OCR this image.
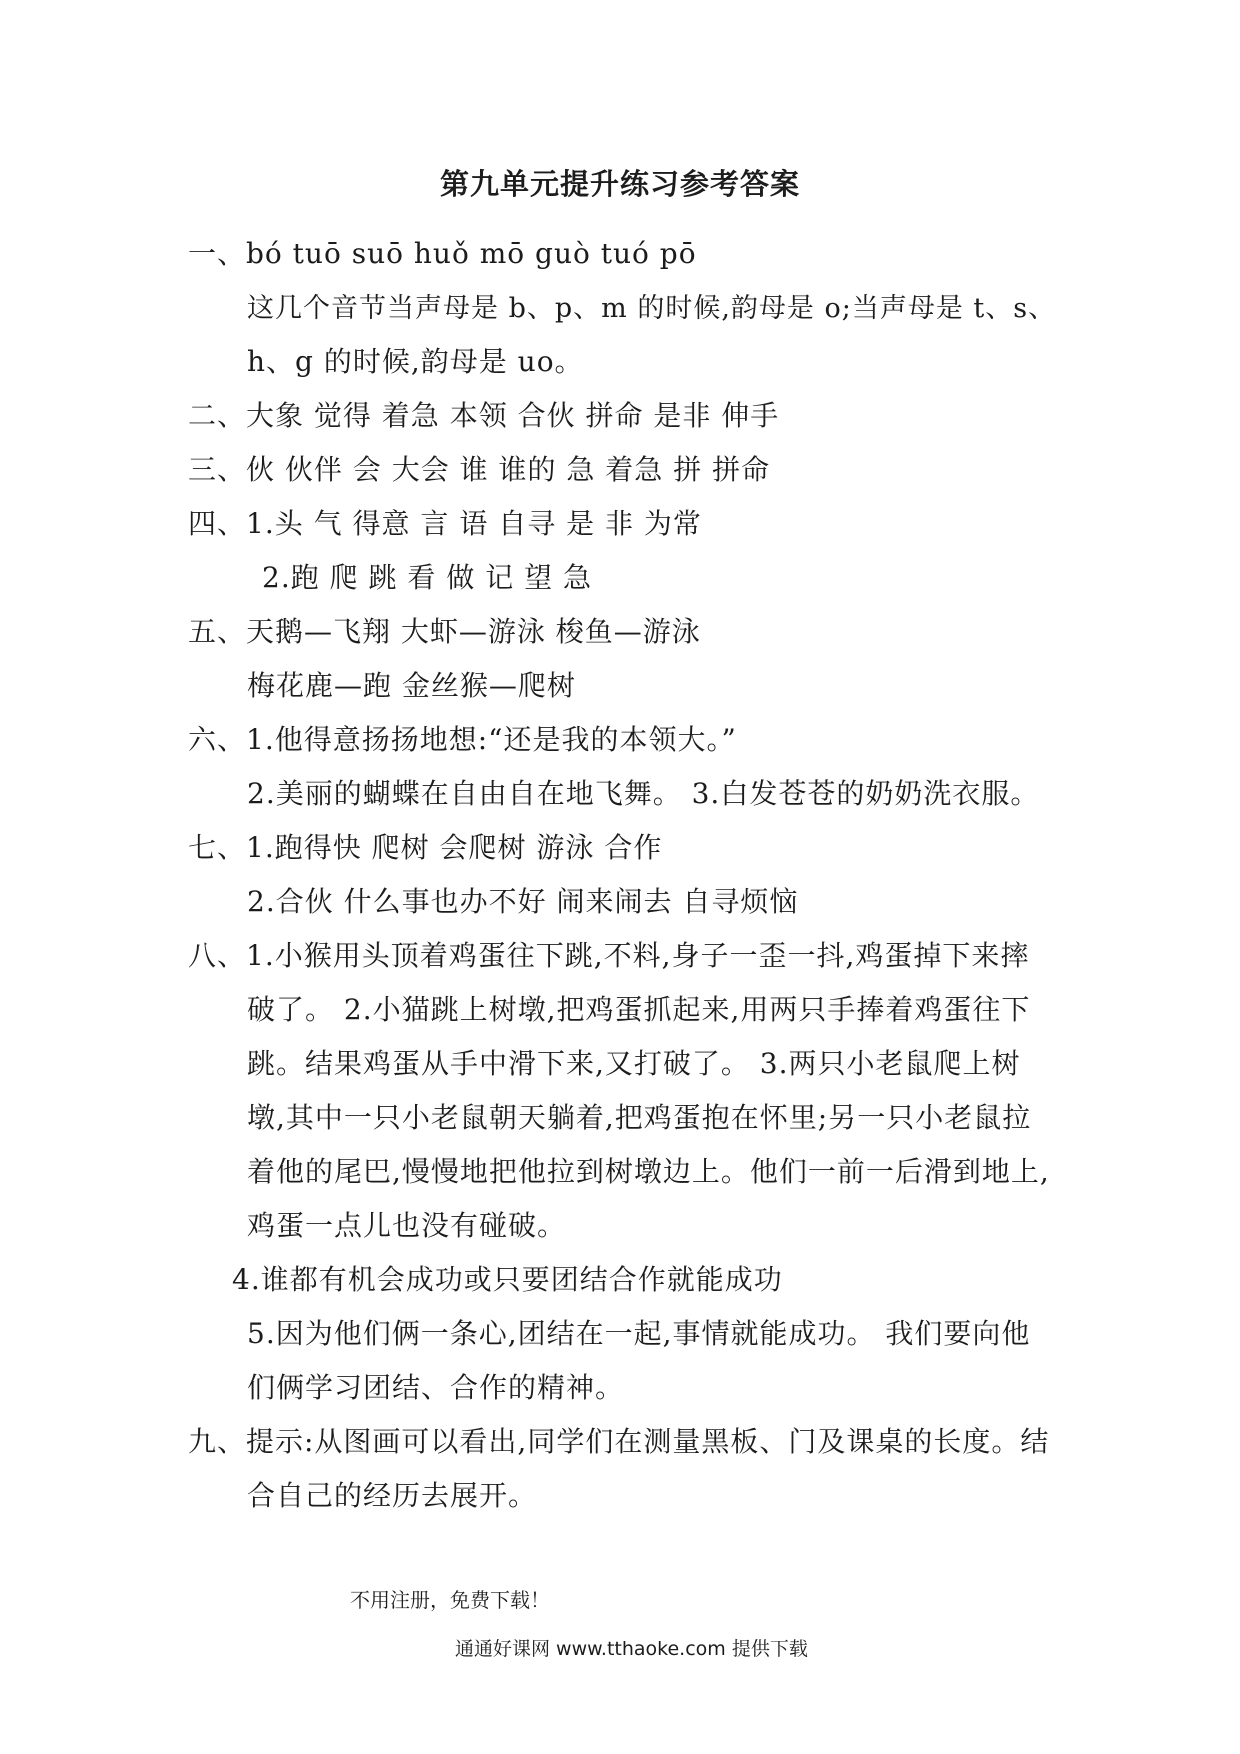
第九单元提升练习参考答案
一、bó tuō suō huǒ mō guò tuó pō
这几个音节当声母是 b、p、m 的时候,韵母是 o;当声母是 t、s、
h、g 的时候,韵母是 uo。
二、大象 觉得 着急 本领 合伙 拼命 是非 伸手
三、伙 伙伴 会 大会 谁 谁的 急 着急 拼 拼命
四、1.头 气 得意 言 语 自寻 是 非 为常
2.跑 爬 跳 看 做 记 望 急
五、天鹅—飞翔 大虾—游泳 梭鱼—游泳
梅花鹿—跑 金丝猴—爬树
六、1.他得意扬扬地想:“还是我的本领大。”
2.美丽的蝴蝶在自由自在地飞舞。 3.白发苍苍的奶奶洗衣服。
七、1.跑得快 爬树 会爬树 游泳 合作
2.合伙 什么事也办不好 闹来闹去 自寻烦恼
八、1.小猴用头顶着鸡蛋往下跳,不料,身子一歪一抖,鸡蛋掉下来摔
破了。 2.小猫跳上树墩,把鸡蛋抓起来,用两只手捧着鸡蛋往下
跳。结果鸡蛋从手中滑下来,又打破了。 3.两只小老鼠爬上树
墩,其中一只小老鼠朝天躺着,把鸡蛋抱在怀里;另一只小老鼠拉
着他的尾巴,慢慢地把他拉到树墩边上。他们一前一后滑到地上,
鸡蛋一点儿也没有碰破。
4.谁都有机会成功或只要团结合作就能成功
5.因为他们俩一条心,团结在一起,事情就能成功。 我们要向他
们俩学习团结、合作的精神。
九、提示:从图画可以看出,同学们在测量黑板、门及课桌的长度。结
合自己的经历去展开。
不用注册，免费下载！
通通好课网 www.tthaoke.com 提供下载
